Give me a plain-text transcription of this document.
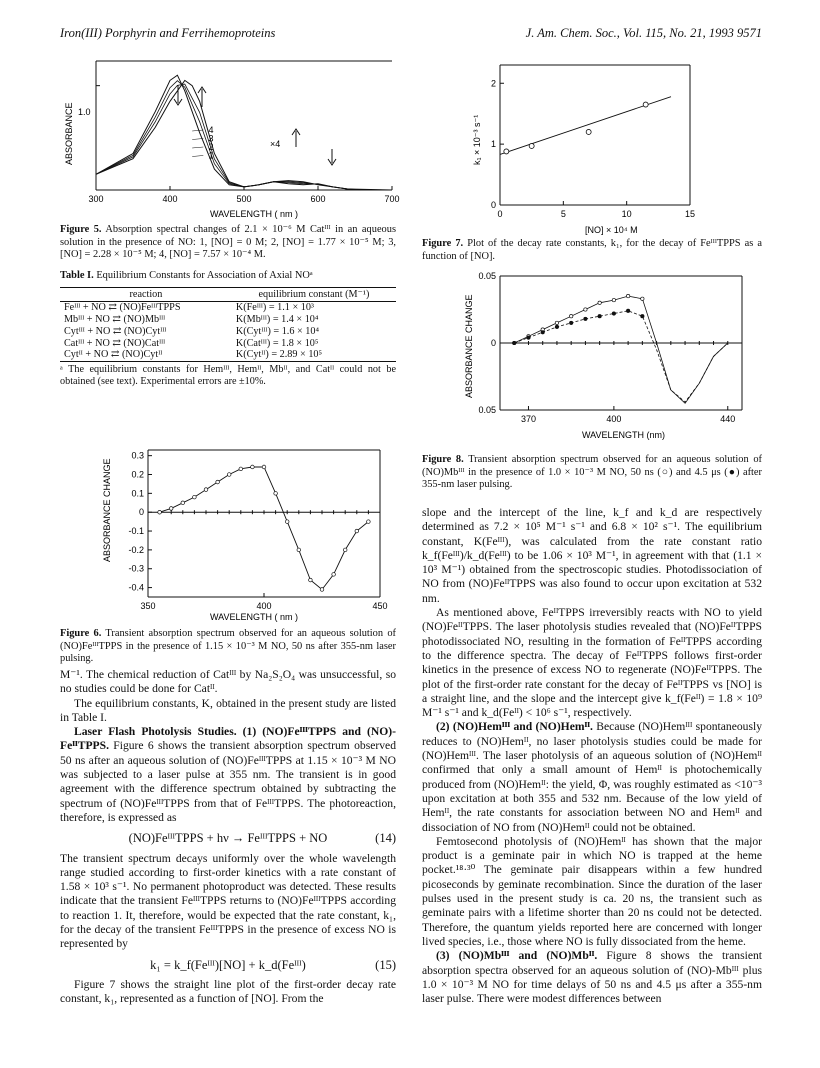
Iron(III) Porphyrin and Ferrihemoproteins	J. Am. Chem. Soc., Vol. 115, No. 21, 1993 9571
ABSORBANCE 1.0
300	400	500	600	700
4
3
2
1
×4
WAVELENGTH ( nm )
Figure 5. Absorption spectral changes of 2.1 × 10⁻⁶ M Catᴵᴵᴵ in an aqueous solution in the presence of NO: 1, [NO] = 0 M; 2, [NO] = 1.77 × 10⁻⁵ M; 3, [NO] = 2.28 × 10⁻⁵ M; 4, [NO] = 7.57 × 10⁻⁴ M.
Table I. Equilibrium Constants for Association of Axial NOᵃ
reaction	equilibrium constant (M⁻¹)
Feᴵᴵᴵ + NO ⇄ (NO)FeᴵᴵᴵTPPS	K(Feᴵᴵᴵ) = 1.1 × 10³
Mbᴵᴵᴵ + NO ⇄ (NO)Mbᴵᴵᴵ	K(Mbᴵᴵᴵ) = 1.4 × 10⁴
Cytᴵᴵᴵ + NO ⇄ (NO)Cytᴵᴵᴵ	K(Cytᴵᴵᴵ) = 1.6 × 10⁴
Catᴵᴵᴵ + NO ⇄ (NO)Catᴵᴵᴵ	K(Catᴵᴵᴵ) = 1.8 × 10⁵
Cytᴵᴵ + NO ⇄ (NO)Cytᴵᴵ	K(Cytᴵᴵ) = 2.89 × 10⁵
ᵃ The equilibrium constants for Hemᴵᴵᴵ, Hemᴵᴵ, Mbᴵᴵ, and Catᴵᴵ could not be obtained (see text). Experimental errors are ±10%.
ABSORBANCE CHANGE
0.3
0.2
0.1
0
-0.1
-0.2
-0.3
-0.4
350	400	450
WAVELENGTH ( nm )
Figure 6. Transient absorption spectrum observed for an aqueous solution of (NO)FeᴵᴵᴵTPPS in the presence of 1.15 × 10⁻³ M NO, 50 ns after 355-nm laser pulsing.

M⁻¹. The chemical reduction of Catᴵᴵᴵ by Na₂S₂O₄ was unsuccessful, so no studies could be done for Catᴵᴵ.

The equilibrium constants, K, obtained in the present study are listed in Table I.

Laser Flash Photolysis Studies. (1) (NO)FeᴵᴵᴵTPPS and (NO)-FeᴵᴵTPPS. Figure 6 shows the transient absorption spectrum observed 50 ns after an aqueous solution of (NO)FeᴵᴵᴵTPPS at 1.15 × 10⁻³ M NO was subjected to a laser pulse at 355 nm. The transient is in good agreement with the difference spectrum obtained by subtracting the spectrum of (NO)FeᴵᴵᴵTPPS from that of FeᴵᴵᴵTPPS. The photoreaction, therefore, is expressed as

(NO)FeᴵᴵᴵTPPS + hν → FeᴵᴵᴵTPPS + NO	(14)

The transient spectrum decays uniformly over the whole wavelength range studied according to first-order kinetics with a rate constant of 1.58 × 10³ s⁻¹. No permanent photoproduct was detected. These results indicate that the transient FeᴵᴵᴵTPPS returns to (NO)FeᴵᴵᴵTPPS according to reaction 1. It, therefore, would be expected that the rate constant, k₁, for the decay of the transient FeᴵᴵᴵTPPS in the presence of excess NO is represented by

k₁ = k_f(Feᴵᴵᴵ)[NO] + k_d(Feᴵᴵᴵ)	(15)

Figure 7 shows the straight line plot of the first-order decay rate constant, k₁, represented as a function of [NO]. From the

k₁ × 10⁻³ s⁻¹
2
1
0
0	5	10	15
[NO] × 10⁴ M
Figure 7. Plot of the decay rate constants, k₁, for the decay of FeᴵᴵᴵTPPS as a function of [NO].
ABSORBANCE CHANGE
0.05
0
0.05
370	400	440
WAVELENGTH (nm)
Figure 8. Transient absorption spectrum observed for an aqueous solution of (NO)Mbᴵᴵᴵ in the presence of 1.0 × 10⁻³ M NO, 50 ns (○) and 4.5 μs (●) after 355-nm laser pulsing.

slope and the intercept of the line, k_f and k_d are respectively determined as 7.2 × 10⁵ M⁻¹ s⁻¹ and 6.8 × 10² s⁻¹. The equilibrium constant, K(Feᴵᴵᴵ), was calculated from the rate constant ratio k_f(Feᴵᴵᴵ)/k_d(Feᴵᴵᴵ) to be 1.06 × 10³ M⁻¹, in agreement with that (1.1 × 10³ M⁻¹) obtained from the spectroscopic studies. Photodissociation of NO from (NO)FeᴵᴵTPPS was also found to occur upon excitation at 532 nm.

As mentioned above, FeᴵᴵTPPS irreversibly reacts with NO to yield (NO)FeᴵᴵTPPS. The laser photolysis studies revealed that (NO)FeᴵᴵTPPS photodissociated NO, resulting in the formation of FeᴵᴵTPPS according to the difference spectra. The decay of FeᴵᴵTPPS follows first-order kinetics in the presence of excess NO to regenerate (NO)FeᴵᴵTPPS. The plot of the first-order rate constant for the decay of FeᴵᴵTPPS vs [NO] is a straight line, and the slope and the intercept give k_f(Feᴵᴵ) = 1.8 × 10⁹ M⁻¹ s⁻¹ and k_d(Feᴵᴵ) < 10⁶ s⁻¹, respectively.

(2) (NO)Hemᴵᴵᴵ and (NO)Hemᴵᴵ. Because (NO)Hemᴵᴵᴵ spontaneously reduces to (NO)Hemᴵᴵ, no laser photolysis studies could be made for (NO)Hemᴵᴵᴵ. The laser photolysis of an aqueous solution of (NO)Hemᴵᴵ confirmed that only a small amount of Hemᴵᴵ is photochemically produced from (NO)Hemᴵᴵ: the yield, Φ, was roughly estimated as <10⁻³ upon excitation at both 355 and 532 nm. Because of the low yield of Hemᴵᴵ, the rate constants for association between NO and Hemᴵᴵ and dissociation of NO from (NO)Hemᴵᴵ could not be obtained.

Femtosecond photolysis of (NO)Hemᴵᴵ has shown that the major product is a geminate pair in which NO is trapped at the heme pocket.¹⁸·³⁰ The geminate pair disappears within a few hundred picoseconds by geminate recombination. Since the duration of the laser pulses used in the present study is ca. 20 ns, the transient such as geminate pairs with a lifetime shorter than 20 ns could not be detected. Therefore, the quantum yields reported here are concerned with longer lived species, i.e., those where NO is fully dissociated from the heme.

(3) (NO)Mbᴵᴵᴵ and (NO)Mbᴵᴵ. Figure 8 shows the transient absorption spectra observed for an aqueous solution of (NO)-Mbᴵᴵᴵ plus 1.0 × 10⁻³ M NO for time delays of 50 ns and 4.5 μs after a 355-nm laser pulse. There were modest differences between
